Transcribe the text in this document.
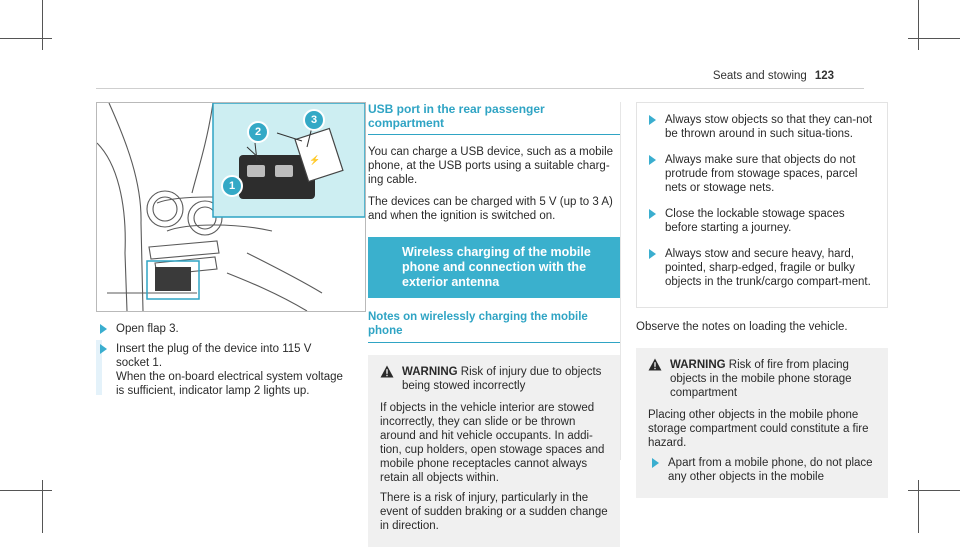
Seats and stowing 123
⚡
1
2
3
Open flap 3.
Insert the plug of the device into 115 V socket 1.
When the on-board electrical system voltage is sufficient, indicator lamp 2 lights up.
USB port in the rear passenger compartment

You can charge a USB device, such as a mobile phone, at the USB ports using a suitable charg-ing cable.

The devices can be charged with 5 V (up to 3 A) and when the ignition is switched on.

Wireless charging of the mobile phone and connection with the exterior antenna
Notes on wirelessly charging the mobile phone
WARNING Risk of injury due to objects being stowed incorrectly

If objects in the vehicle interior are stowed incorrectly, they can slide or be thrown around and hit vehicle occupants. In addi-tion, cup holders, open stowage spaces and mobile phone receptacles cannot always retain all objects within.

There is a risk of injury, particularly in the event of sudden braking or a sudden change in direction.

Always stow objects so that they can-not be thrown around in such situa-tions.
Always make sure that objects do not protrude from stowage spaces, parcel nets or stowage nets.
Close the lockable stowage spaces before starting a journey.
Always stow and secure heavy, hard, pointed, sharp-edged, fragile or bulky objects in the trunk/cargo compart-ment.
Observe the notes on loading the vehicle.
WARNING Risk of fire from placing objects in the mobile phone storage compartment

Placing other objects in the mobile phone storage compartment could constitute a fire hazard.

Apart from a mobile phone, do not place any other objects in the mobile
